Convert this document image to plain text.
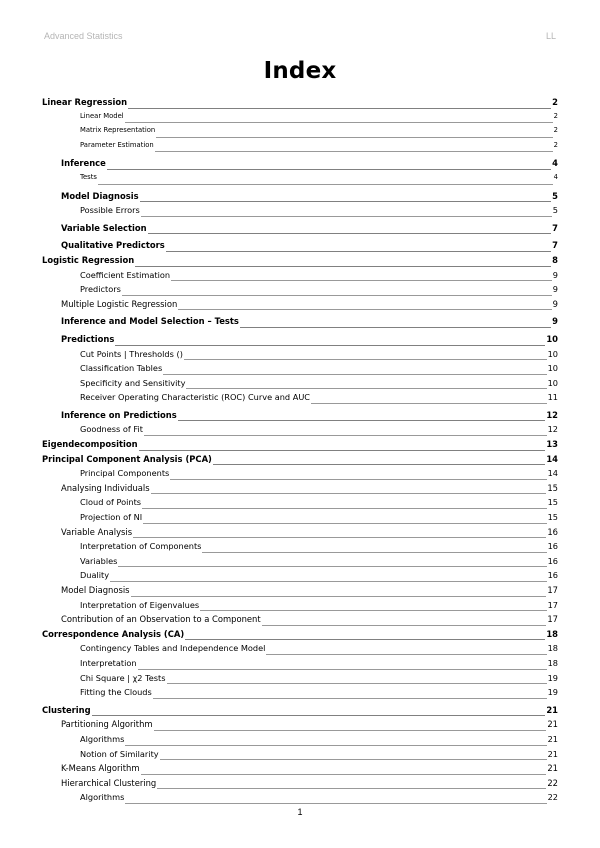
Advanced Statistics	LL
Index
Linear Regression	2
Linear Model	2
Matrix Representation	2
Parameter Estimation	2
Inference	4
Tests	4
Model Diagnosis	5
Possible Errors	5
Variable Selection	7
Qualitative Predictors	7
Logistic Regression	8
Coefficient Estimation	9
Predictors	9
Multiple Logistic Regression	9
Inference and Model Selection – Tests	9
Predictions	10
Cut Points | Thresholds ()	10
Classification Tables	10
Specificity and Sensitivity	10
Receiver Operating Characteristic (ROC) Curve and AUC	11
Inference on Predictions	12
Goodness of Fit	12
Eigendecomposition	13
Principal Component Analysis (PCA)	14
Principal Components	14
Analysing Individuals	15
Cloud of Points	15
Projection of NI	15
Variable Analysis	16
Interpretation of Components	16
Variables	16
Duality	16
Model Diagnosis	17
Interpretation of Eigenvalues	17
Contribution of an Observation to a Component	17
Correspondence Analysis (CA)	18
Contingency Tables and Independence Model	18
Interpretation	18
Chi Square | χ2 Tests	19
Fitting the Clouds	19
Clustering	21
Partitioning Algorithm	21
Algorithms	21
Notion of Similarity	21
K-Means Algorithm	21
Hierarchical Clustering	22
Algorithms	22
1
